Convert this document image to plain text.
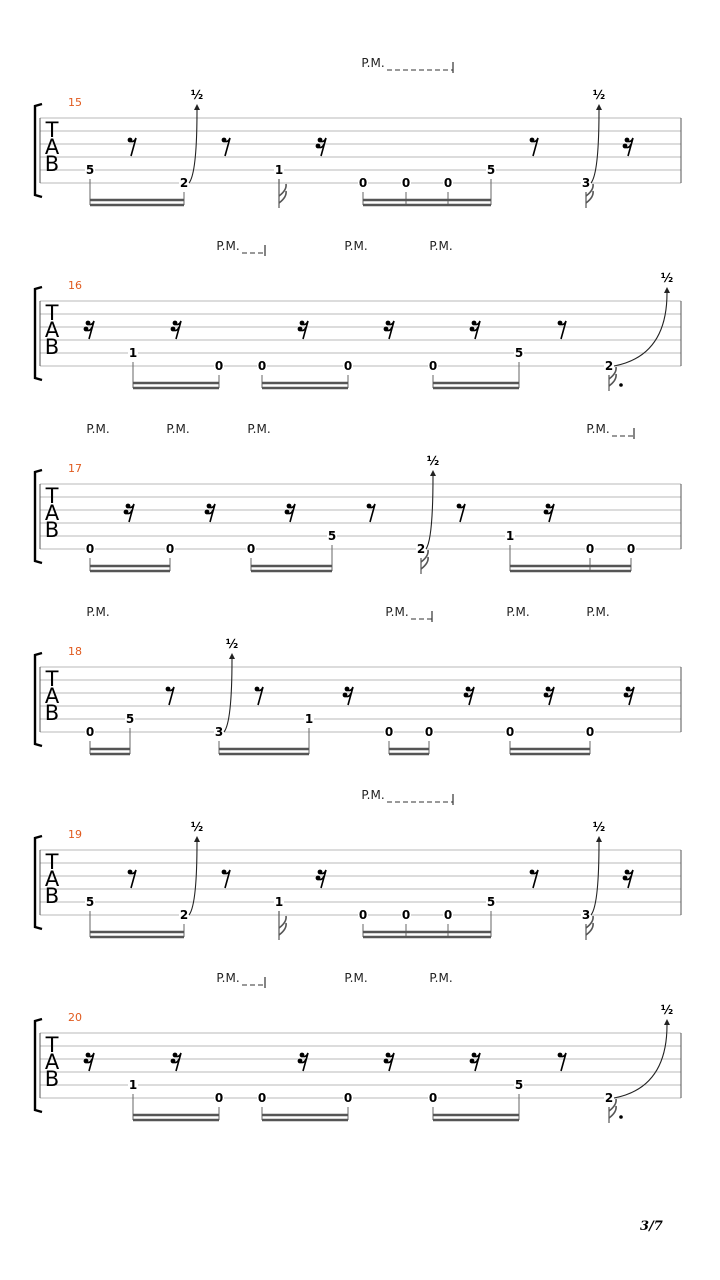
T
A
B
15
P.M.
5
2
1
0	0	0
5
3
½	½
T
A
B
16
P.M.	P.M.	P.M.
1
0	0	0	0
5
2
½
T
A
B
17
P.M.	P.M.	P.M.	P.M.
0	0	0
5
2
1
0	0
½
T
A
B
18
P.M.	P.M.	P.M.	P.M.
0
5
3
1
0	0	0	0
½
T
A
B
19
P.M.
5
2
1
0	0	0
5
3
½	½
T
A
B
20
P.M.	P.M.	P.M.
1
0	0	0	0
5
2
½
3/7
